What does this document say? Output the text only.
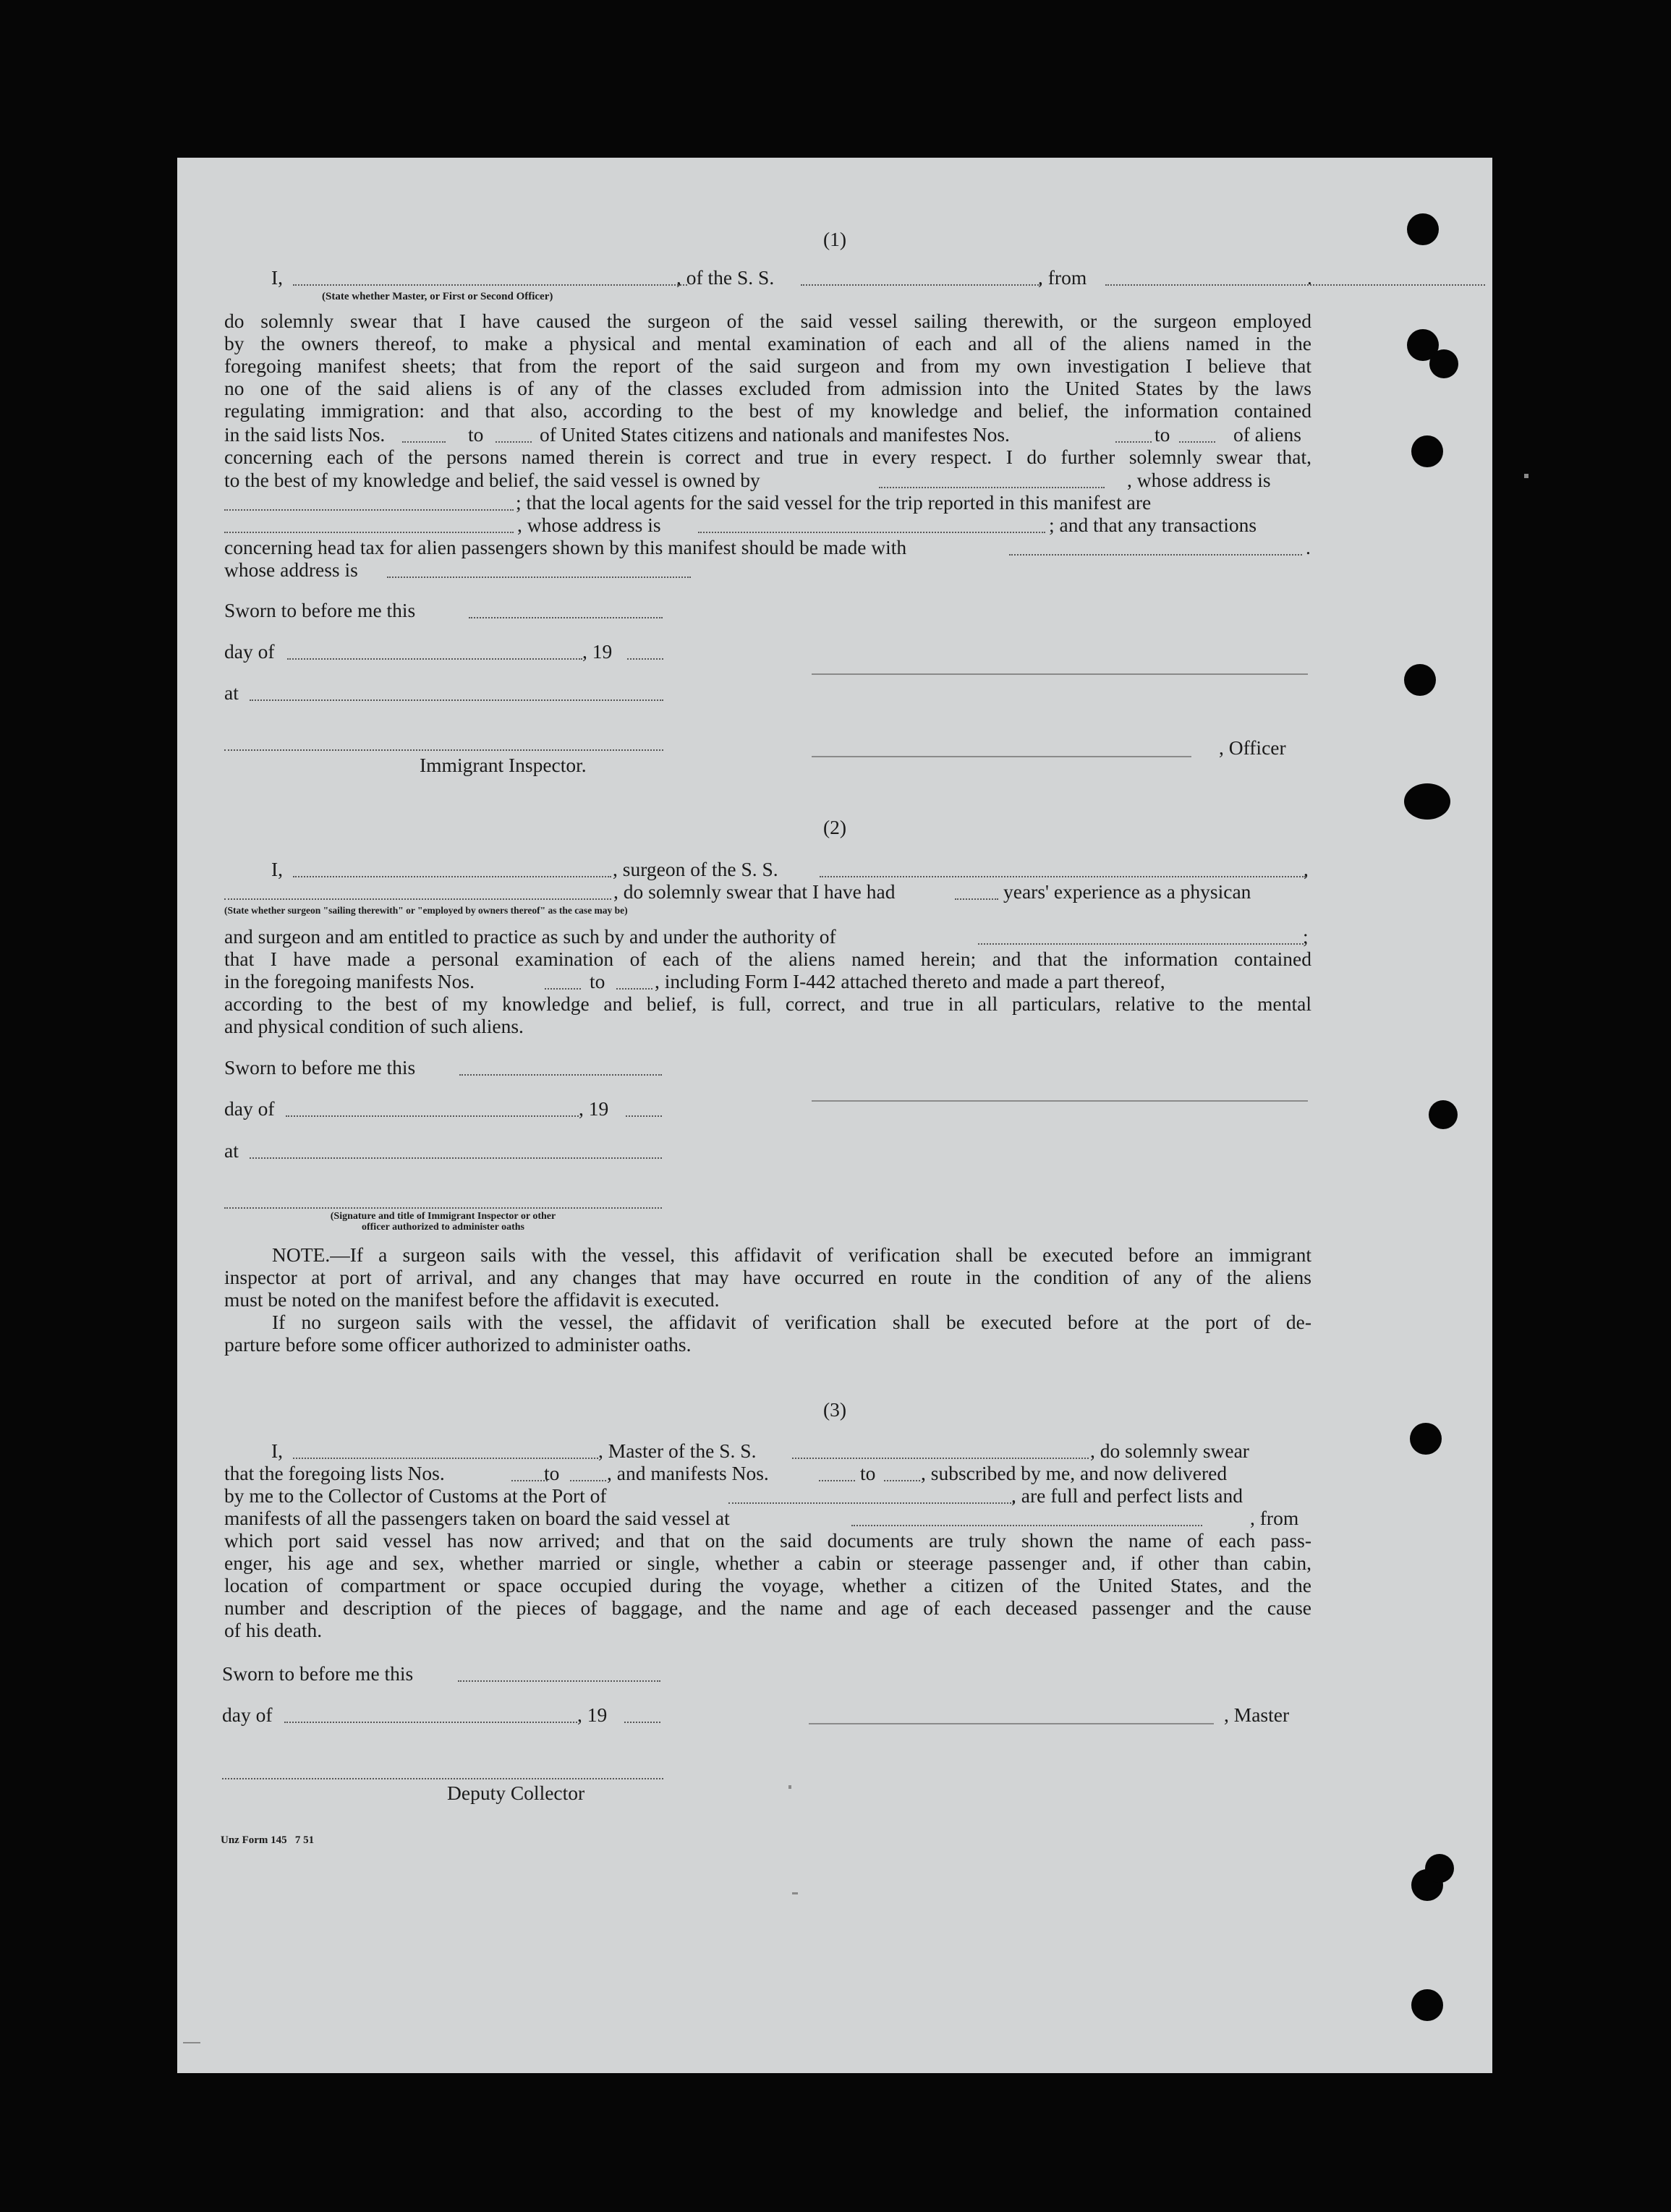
(1)
I,	, of the S. S.	, from	.
(State whether Master, or First or Second Officer)
do solemnly swear that I have caused the surgeon of the said vessel sailing therewith, or the surgeon employed
by the owners thereof, to make a physical and mental examination of each and all of the aliens named in the
foregoing manifest sheets; that from the report of the said surgeon and from my own investigation I believe that
no one of the said aliens is of any of the classes excluded from admission into the United States by the laws
regulating immigration: and that also, according to the best of my knowledge and belief, the information contained
in the said lists Nos.	to	of United States citizens and nationals and manifestes Nos.	to	of aliens
concerning each of the persons named therein is correct and true in every respect. I do further solemnly swear that,
to the best of my knowledge and belief, the said vessel is owned by	, whose address is
; that the local agents for the said vessel for the trip reported in this manifest are
, whose address is	; and that any transactions
concerning head tax for alien passengers shown by this manifest should be made with	.
whose address is
Sworn to before me this
day of	, 19
at
, Officer
Immigrant Inspector.
(2)
I,	, surgeon of the S. S.	,
, do solemnly swear that I have had	years' experience as a physican
(State whether surgeon "sailing therewith" or "employed by owners thereof" as the case may be)
and surgeon and am entitled to practice as such by and under the authority of	;
that I have made a personal examination of each of the aliens named herein; and that the information contained
in the foregoing manifests Nos.	to , including Form I-442 attached thereto and made a part thereof,
according to the best of my knowledge and belief, is full, correct, and true in all particulars, relative to the mental
and physical condition of such aliens.
Sworn to before me this
day of	, 19
at
(Signature and title of Immigrant Inspector or other
officer authorized to administer oaths
NOTE.—If a surgeon sails with the vessel, this affidavit of verification shall be executed before an immigrant
inspector at port of arrival, and any changes that may have occurred en route in the condition of any of the aliens
must be noted on the manifest before the affidavit is executed.
If no surgeon sails with the vessel, the affidavit of verification shall be executed before at the port of de-
parture before some officer authorized to administer oaths.
(3)
I,	, Master of the S. S.	, do solemnly swear
that the foregoing lists Nos.	to , and manifests Nos.	to , subscribed by me, and now delivered
by me to the Collector of Customs at the Port of	, are full and perfect lists and
manifests of all the passengers taken on board the said vessel at	, from
which port said vessel has now arrived; and that on the said documents are truly shown the name of each pass-
enger, his age and sex, whether married or single, whether a cabin or steerage passenger and, if other than cabin,
location of compartment or space occupied during the voyage, whether a citizen of the United States, and the
number and description of the pieces of baggage, and the name and age of each deceased passenger and the cause
of his death.
Sworn to before me this
day of	, 19	, Master
Deputy Collector
Unz Form 145   7 51
